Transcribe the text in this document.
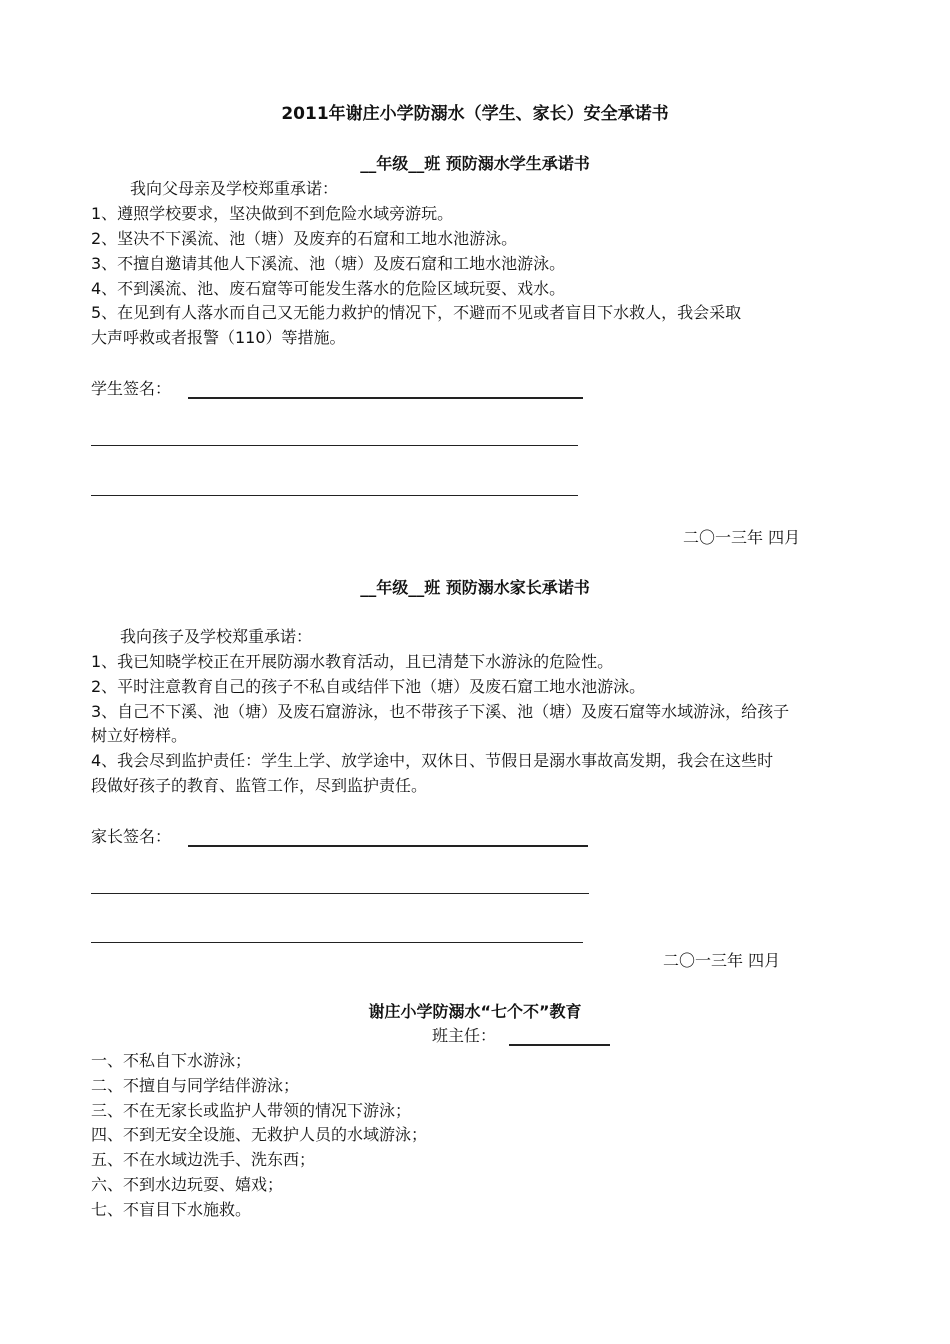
2011年谢庄小学防溺水（学生、家长）安全承诺书
__年级__班 预防溺水学生承诺书
我向父母亲及学校郑重承诺：
1、遵照学校要求，坚决做到不到危险水域旁游玩。
2、坚决不下溪流、池（塘）及废弃的石窟和工地水池游泳。
3、不擅自邀请其他人下溪流、池（塘）及废石窟和工地水池游泳。
4、不到溪流、池、废石窟等可能发生落水的危险区域玩耍、戏水。
5、在见到有人落水而自己又无能力救护的情况下，不避而不见或者盲目下水救人，我会采取
大声呼救或者报警（110）等措施。
学生签名：
二〇一三年 四月
__年级__班 预防溺水家长承诺书
我向孩子及学校郑重承诺：
1、我已知晓学校正在开展防溺水教育活动，且已清楚下水游泳的危险性。
2、平时注意教育自己的孩子不私自或结伴下池（塘）及废石窟工地水池游泳。
3、自己不下溪、池（塘）及废石窟游泳，也不带孩子下溪、池（塘）及废石窟等水域游泳，给孩子
树立好榜样。
4、我会尽到监护责任：学生上学、放学途中，双休日、节假日是溺水事故高发期，我会在这些时
段做好孩子的教育、监管工作，尽到监护责任。
家长签名：
二〇一三年 四月
谢庄小学防溺水“七个不”教育
班主任：
一、不私自下水游泳；
二、不擅自与同学结伴游泳；
三、不在无家长或监护人带领的情况下游泳；
四、不到无安全设施、无救护人员的水域游泳；
五、不在水域边洗手、洗东西；
六、不到水边玩耍、嬉戏；
七、不盲目下水施救。
